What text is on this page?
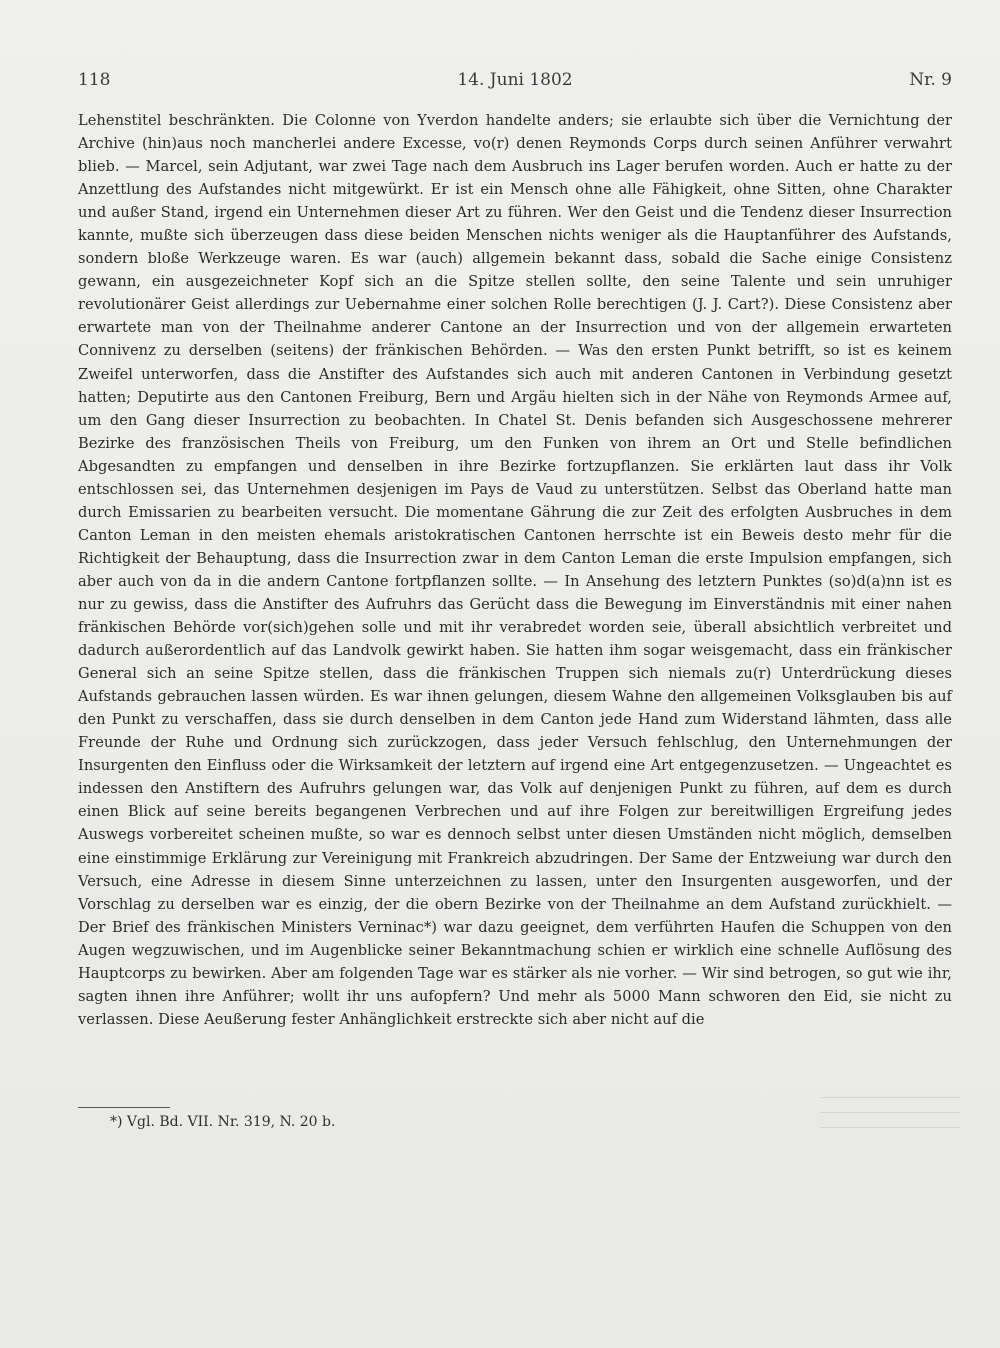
118	14. Juni 1802	Nr. 9

Lehenstitel beschränkten. Die Colonne von Yverdon handelte anders; sie erlaubte sich über die Vernichtung der Archive (hin)aus noch mancherlei andere Excesse, vo(r) denen Reymonds Corps durch seinen Anführer verwahrt blieb. — Marcel, sein Adjutant, war zwei Tage nach dem Ausbruch ins Lager berufen worden. Auch er hatte zu der Anzettlung des Aufstandes nicht mitgewürkt. Er ist ein Mensch ohne alle Fähigkeit, ohne Sitten, ohne Charakter und außer Stand, irgend ein Unternehmen dieser Art zu führen. Wer den Geist und die Tendenz dieser Insurrection kannte, mußte sich überzeugen dass diese beiden Menschen nichts weniger als die Hauptanführer des Aufstands, sondern bloße Werkzeuge waren. Es war (auch) allgemein bekannt dass, sobald die Sache einige Consistenz gewann, ein ausgezeichneter Kopf sich an die Spitze stellen sollte, den seine Talente und sein unruhiger revolutionärer Geist allerdings zur Uebernahme einer solchen Rolle berechtigen (J. J. Cart?). Diese Consistenz aber erwartete man von der Theilnahme anderer Cantone an der Insurrection und von der allgemein erwarteten Connivenz zu derselben (seitens) der fränkischen Behörden. — Was den ersten Punkt betrifft, so ist es keinem Zweifel unterworfen, dass die Anstifter des Aufstandes sich auch mit anderen Cantonen in Verbindung gesetzt hatten; Deputirte aus den Cantonen Freiburg, Bern und Argäu hielten sich in der Nähe von Reymonds Armee auf, um den Gang dieser Insurrection zu beobachten. In Chatel St. Denis befanden sich Ausgeschossene mehrerer Bezirke des französischen Theils von Freiburg, um den Funken von ihrem an Ort und Stelle befindlichen Abgesandten zu empfangen und denselben in ihre Bezirke fortzupflanzen. Sie erklärten laut dass ihr Volk entschlossen sei, das Unternehmen desjenigen im Pays de Vaud zu unterstützen. Selbst das Oberland hatte man durch Emissarien zu bearbeiten versucht. Die momentane Gährung die zur Zeit des erfolgten Ausbruches in dem Canton Leman in den meisten ehemals aristokratischen Cantonen herrschte ist ein Beweis desto mehr für die Richtigkeit der Behauptung, dass die Insurrection zwar in dem Canton Leman die erste Impulsion empfangen, sich aber auch von da in die andern Cantone fortpflanzen sollte. — In Ansehung des letztern Punktes (so)d(a)nn ist es nur zu gewiss, dass die Anstifter des Aufruhrs das Gerücht dass die Bewegung im Einverständnis mit einer nahen fränkischen Behörde vor(sich)gehen solle und mit ihr verabredet worden seie, überall absichtlich verbreitet und dadurch außerordentlich auf das Landvolk gewirkt haben. Sie hatten ihm sogar weisgemacht, dass ein fränkischer General sich an seine Spitze stellen, dass die fränkischen Truppen sich niemals zu(r) Unterdrückung dieses Aufstands gebrauchen lassen würden. Es war ihnen gelungen, diesem Wahne den allgemeinen Volksglauben bis auf den Punkt zu verschaffen, dass sie durch denselben in dem Canton jede Hand zum Widerstand lähmten, dass alle Freunde der Ruhe und Ordnung sich zurückzogen, dass jeder Versuch fehlschlug, den Unternehmungen der Insurgenten den Einfluss oder die Wirksamkeit der letztern auf irgend eine Art entgegenzusetzen. — Ungeachtet es indessen den Anstiftern des Aufruhrs gelungen war, das Volk auf denjenigen Punkt zu führen, auf dem es durch einen Blick auf seine bereits begangenen Verbrechen und auf ihre Folgen zur bereitwilligen Ergreifung jedes Auswegs vorbereitet scheinen mußte, so war es dennoch selbst unter diesen Umständen nicht möglich, demselben eine einstimmige Erklärung zur Vereinigung mit Frankreich abzudringen. Der Same der Entzweiung war durch den Versuch, eine Adresse in diesem Sinne unterzeichnen zu lassen, unter den Insurgenten ausgeworfen, und der Vorschlag zu derselben war es einzig, der die obern Bezirke von der Theilnahme an dem Aufstand zurückhielt. — Der Brief des fränkischen Ministers Verninac*) war dazu geeignet, dem verführten Haufen die Schuppen von den Augen wegzuwischen, und im Augenblicke seiner Bekanntmachung schien er wirklich eine schnelle Auflösung des Hauptcorps zu bewirken. Aber am folgenden Tage war es stärker als nie vorher. — Wir sind betrogen, so gut wie ihr, sagten ihnen ihre Anführer; wollt ihr uns aufopfern? Und mehr als 5000 Mann schworen den Eid, sie nicht zu verlassen. Diese Aeußerung fester Anhänglichkeit erstreckte sich aber nicht auf die

*) Vgl. Bd. VII. Nr. 319, N. 20 b.
